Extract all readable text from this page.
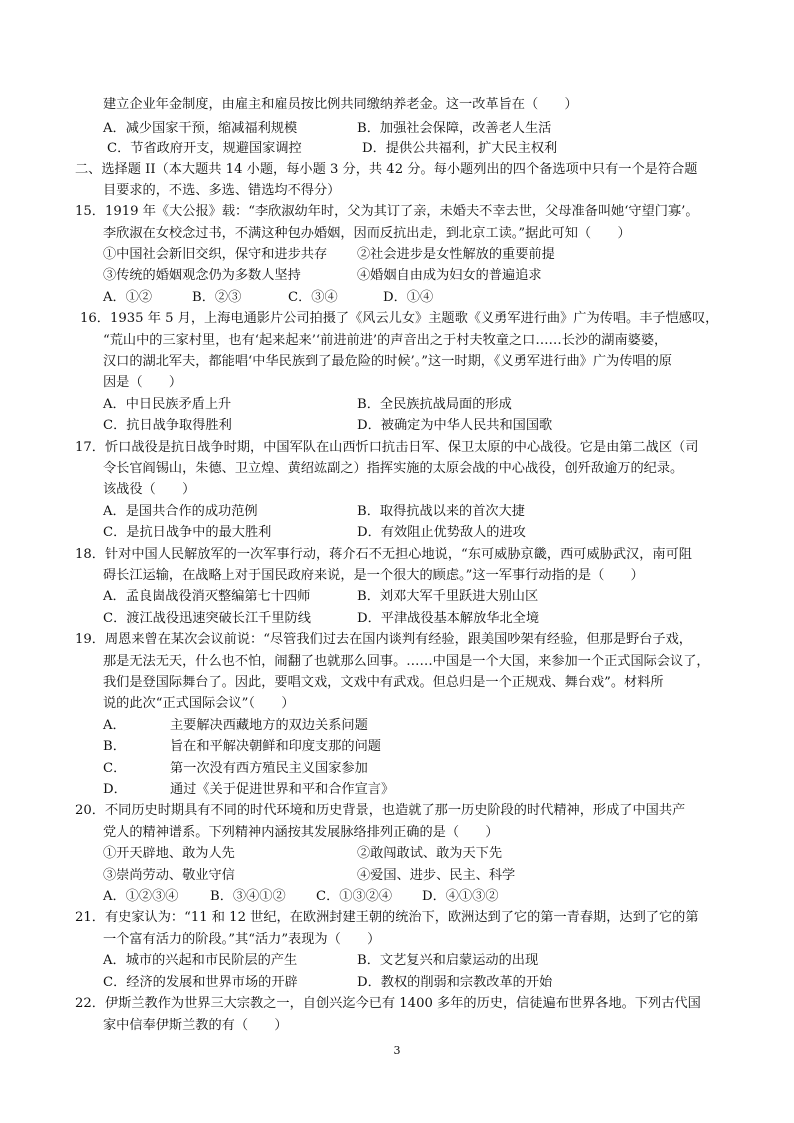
建立企业年金制度，由雇主和雇员按比例共同缴纳养老金。这一改革旨在（　　）
A．减少国家干预，缩减福利规模	B．加强社会保障，改善老人生活
C．节省政府开支，规避国家调控	D．提供公共福利，扩大民主权利
二、选择题 II（本大题共 14 小题，每小题 3 分，共 42 分。每小题列出的四个备选项中只有一个是符合题
目要求的，不选、多选、错选均不得分）
15．1919 年《大公报》载：“李欣淑幼年时，父为其订了亲，未婚夫不幸去世，父母准备叫她‘守望门寡’。
李欣淑在女校念过书，不满这种包办婚姻，因而反抗出走，到北京工读。”据此可知（　　）
①中国社会新旧交织，保守和进步共存 ②社会进步是女性解放的重要前提
③传统的婚姻观念仍为多数人坚持	④婚姻自由成为妇女的普遍追求
A．①②	B．②③	C．③④	D．①④
16．1935 年 5 月，上海电通影片公司拍摄了《风云儿女》主题歌《义勇军进行曲》广为传唱。丰子恺感叹，
“荒山中的三家村里，也有‘起来起来’‘前进前进’的声音出之于村夫牧童之口……长沙的湖南婆婆，
汉口的湖北军夫，都能唱‘中华民族到了最危险的时候’。”这一时期，《义勇军进行曲》广为传唱的原
因是（　　）
A．中日民族矛盾上升	B．全民族抗战局面的形成
C．抗日战争取得胜利	D．被确定为中华人民共和国国歌
17．忻口战役是抗日战争时期，中国军队在山西忻口抗击日军、保卫太原的中心战役。它是由第二战区（司
令长官阎锡山，朱德、卫立煌、黄绍竑副之）指挥实施的太原会战的中心战役，创歼敌逾万的纪录。
该战役（　　）
A．是国共合作的成功范例	B．取得抗战以来的首次大捷
C．是抗日战争中的最大胜利	D．有效阻止优势敌人的进攻
18．针对中国人民解放军的一次军事行动，蒋介石不无担心地说，“东可威胁京畿，西可威胁武汉，南可阻
碍长江运输，在战略上对于国民政府来说，是一个很大的顾虑。”这一军事行动指的是（　　）
A．孟良崮战役消灭整编第七十四师	B．刘邓大军千里跃进大别山区
C．渡江战役迅速突破长江千里防线	D．平津战役基本解放华北全境
19．周恩来曾在某次会议前说：“尽管我们过去在国内谈判有经验，跟美国吵架有经验，但那是野台子戏，
那是无法无天，什么也不怕，闹翻了也就那么回事。……中国是一个大国，来参加一个正式国际会议了，
我们是登国际舞台了。因此，要唱文戏，文戏中有武戏。但总归是一个正规戏、舞台戏”。材料所
说的此次“正式国际会议”（　　）
A．	主要解决西藏地方的双边关系问题
B．	旨在和平解决朝鲜和印度支那的问题
C．	第一次没有西方殖民主义国家参加
D．	通过《关于促进世界和平和合作宣言》
20．不同历史时期具有不同的时代环境和历史背景，也造就了那一历史阶段的时代精神，形成了中国共产
党人的精神谱系。下列精神内涵按其发展脉络排列正确的是（　　）
①开天辟地、敢为人先	②敢闯敢试、敢为天下先
③崇尚劳动、敬业守信	④爱国、进步、民主、科学
A．①②③④ B．③④①② C．①③②④ D．④①③②
21．有史家认为：“11 和 12 世纪，在欧洲封建王朝的统治下，欧洲达到了它的第一青春期，达到了它的第
一个富有活力的阶段。”其“活力”表现为（　　）
A．城市的兴起和市民阶层的产生	B．文艺复兴和启蒙运动的出现
C．经济的发展和世界市场的开辟	D．教权的削弱和宗教改革的开始
22．伊斯兰教作为世界三大宗教之一，自创兴迄今已有 1400 多年的历史，信徒遍布世界各地。下列古代国
家中信奉伊斯兰教的有（　　）
3
